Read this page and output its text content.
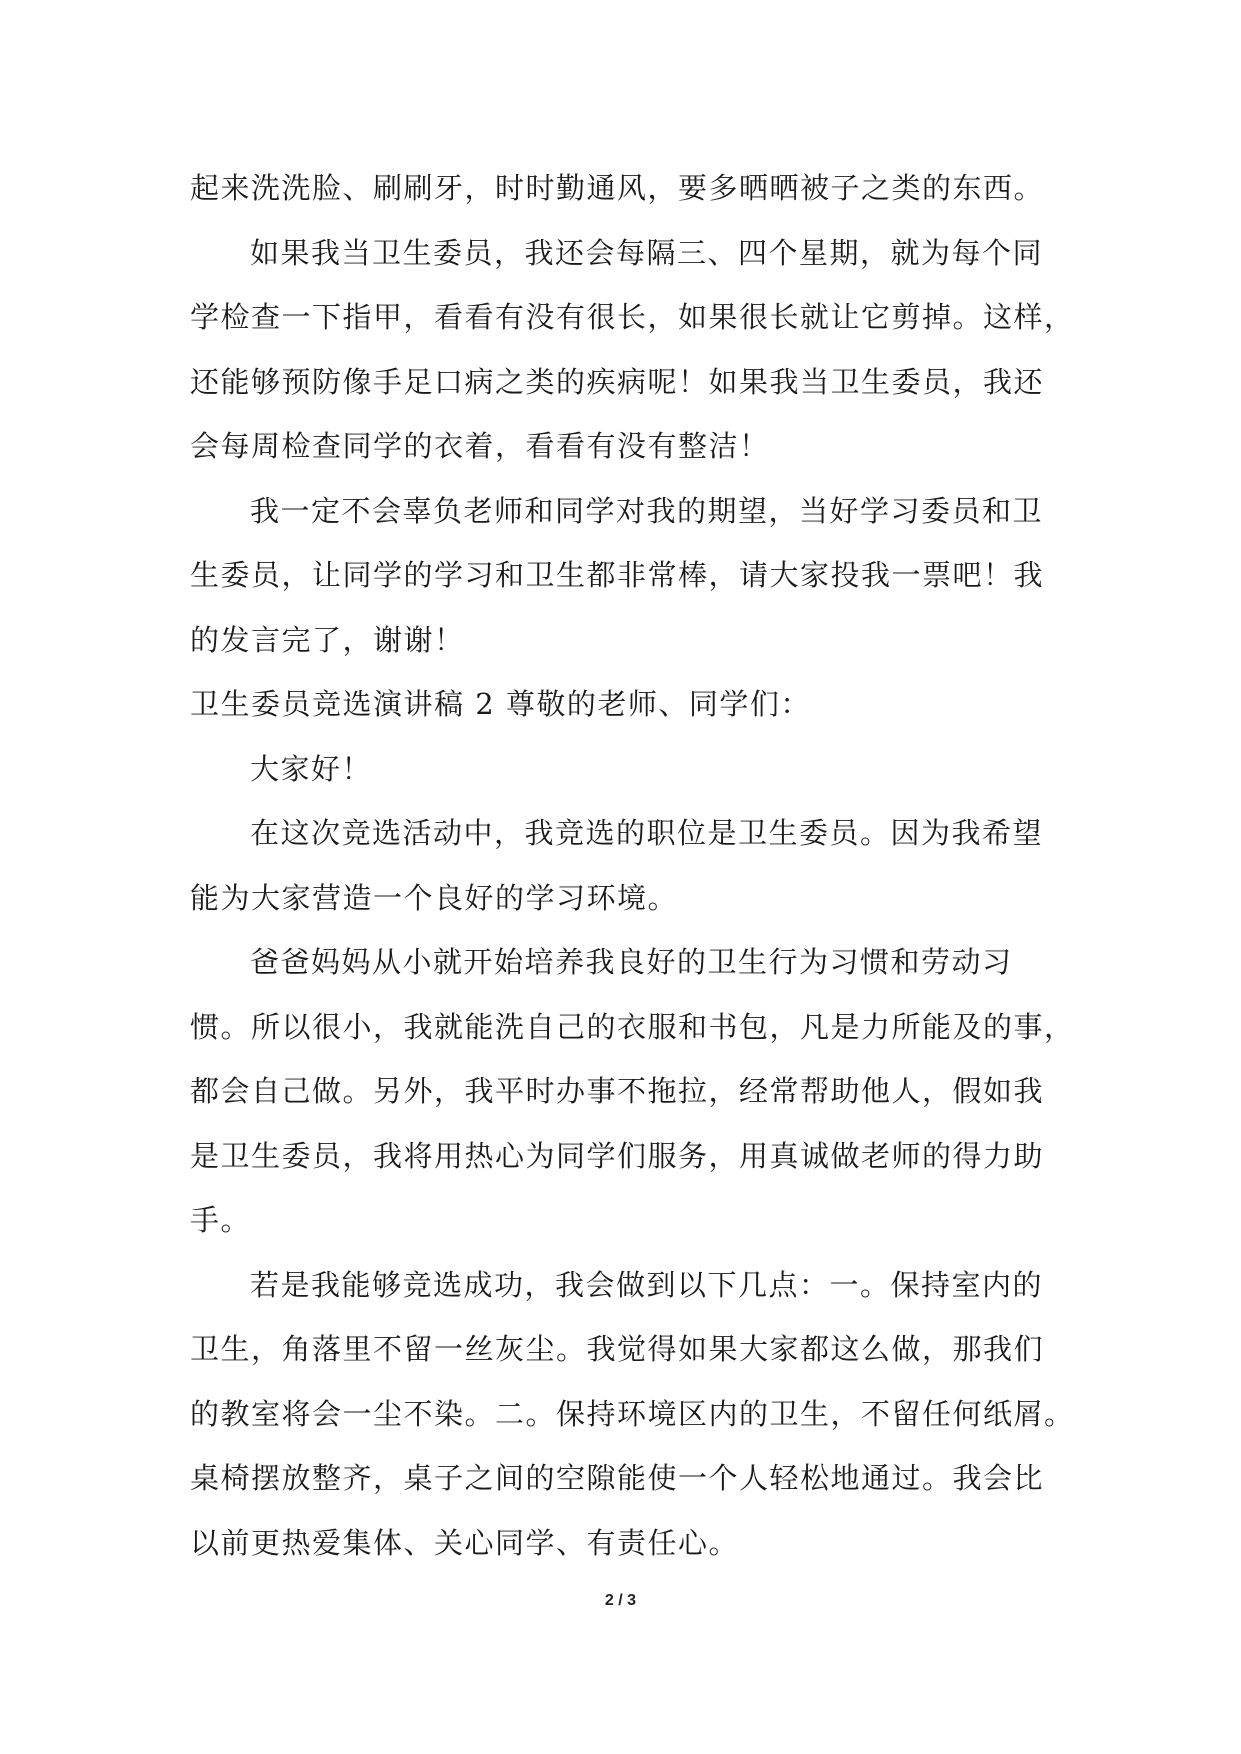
起来洗洗脸、刷刷牙，时时勤通风，要多晒晒被子之类的东西。
如果我当卫生委员，我还会每隔三、四个星期，就为每个同
学检查一下指甲，看看有没有很长，如果很长就让它剪掉。这样，
还能够预防像手足口病之类的疾病呢！如果我当卫生委员，我还
会每周检查同学的衣着，看看有没有整洁！
我一定不会辜负老师和同学对我的期望，当好学习委员和卫
生委员，让同学的学习和卫生都非常棒，请大家投我一票吧！我
的发言完了，谢谢！
卫生委员竞选演讲稿 2 尊敬的老师、同学们：
大家好！
在这次竞选活动中，我竞选的职位是卫生委员。因为我希望
能为大家营造一个良好的学习环境。
爸爸妈妈从小就开始培养我良好的卫生行为习惯和劳动习
惯。所以很小，我就能洗自己的衣服和书包，凡是力所能及的事，
都会自己做。另外，我平时办事不拖拉，经常帮助他人，假如我
是卫生委员，我将用热心为同学们服务，用真诚做老师的得力助
手。
若是我能够竞选成功，我会做到以下几点：一。保持室内的
卫生，角落里不留一丝灰尘。我觉得如果大家都这么做，那我们
的教室将会一尘不染。二。保持环境区内的卫生，不留任何纸屑。
桌椅摆放整齐，桌子之间的空隙能使一个人轻松地通过。我会比
以前更热爱集体、关心同学、有责任心。
2 / 3
